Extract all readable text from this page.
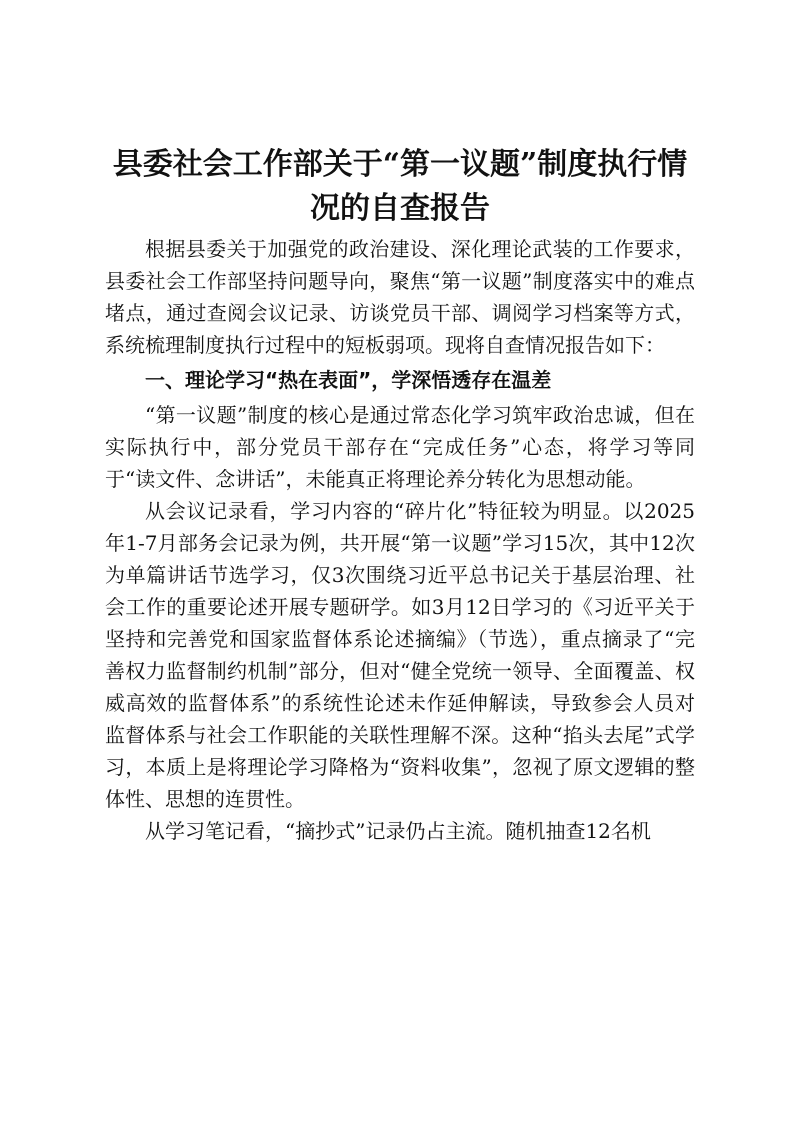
县委社会工作部关于“第一议题”制度执行情况的自查报告

根据县委关于加强党的政治建设、深化理论武装的工作要求，县委社会工作部坚持问题导向，聚焦“第一议题”制度落实中的难点堵点，通过查阅会议记录、访谈党员干部、调阅学习档案等方式，系统梳理制度执行过程中的短板弱项。现将自查情况报告如下：

一、理论学习“热在表面”，学深悟透存在温差

“第一议题”制度的核心是通过常态化学习筑牢政治忠诚，但在实际执行中，部分党员干部存在“完成任务”心态，将学习等同于“读文件、念讲话”，未能真正将理论养分转化为思想动能。

从会议记录看，学习内容的“碎片化”特征较为明显。以2025年1-7月部务会记录为例，共开展“第一议题”学习15次，其中12次为单篇讲话节选学习，仅3次围绕习近平总书记关于基层治理、社会工作的重要论述开展专题研学。如3月12日学习的《习近平关于坚持和完善党和国家监督体系论述摘编》（节选），重点摘录了“完善权力监督制约机制”部分，但对“健全党统一领导、全面覆盖、权威高效的监督体系”的系统性论述未作延伸解读，导致参会人员对监督体系与社会工作职能的关联性理解不深。这种“掐头去尾”式学习，本质上是将理论学习降格为“资料收集”，忽视了原文逻辑的整体性、思想的连贯性。

从学习笔记看，“摘抄式”记录仍占主流。随机抽查12名机
